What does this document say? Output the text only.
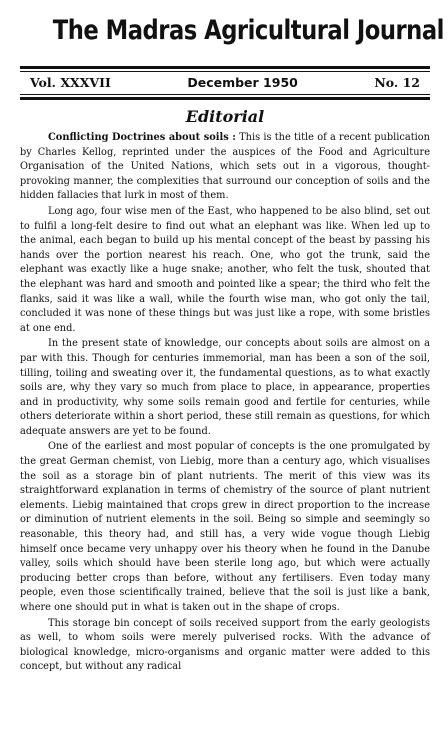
The Madras Agricultural Journal
Vol. XXXVII	December 1950	No. 12
Editorial

Conflicting Doctrines about soils : This is the title of a recent publication by Charles Kellog, reprinted under the auspices of the Food and Agriculture Organisation of the United Nations, which sets out in a vigorous, thought-provoking manner, the complexities that surround our conception of soils and the hidden fallacies that lurk in most of them.

Long ago, four wise men of the East, who happened to be also blind, set out to fulfil a long-felt desire to find out what an elephant was like. When led up to the animal, each began to build up his mental concept of the beast by passing his hands over the portion nearest his reach. One, who got the trunk, said the elephant was exactly like a huge snake; another, who felt the tusk, shouted that the elephant was hard and smooth and pointed like a spear; the third who felt the flanks, said it was like a wall, while the fourth wise man, who got only the tail, concluded it was none of these things but was just like a rope, with some bristles at one end.

In the present state of knowledge, our concepts about soils are almost on a par with this. Though for centuries immemorial, man has been a son of the soil, tilling, toiling and sweating over it, the fundamental questions, as to what exactly soils are, why they vary so much from place to place, in appearance, properties and in productivity, why some soils remain good and fertile for centuries, while others deteriorate within a short period, these still remain as questions, for which adequate answers are yet to be found.

One of the earliest and most popular of concepts is the one promulgated by the great German chemist, von Liebig, more than a century ago, which visualises the soil as a storage bin of plant nutrients. The merit of this view was its straightforward explanation in terms of chemistry of the source of plant nutrient elements. Liebig maintained that crops grew in direct proportion to the increase or diminution of nutrient elements in the soil. Being so simple and seemingly so reasonable, this theory had, and still has, a very wide vogue though Liebig himself once became very unhappy over his theory when he found in the Danube valley, soils which should have been sterile long ago, but which were actually producing better crops than before, without any fertilisers. Even today many people, even those scientifically trained, believe that the soil is just like a bank, where one should put in what is taken out in the shape of crops.

This storage bin concept of soils received support from the early geologists as well, to whom soils were merely pulverised rocks. With the advance of biological knowledge, micro-organisms and organic matter were added to this concept, but without any radical
